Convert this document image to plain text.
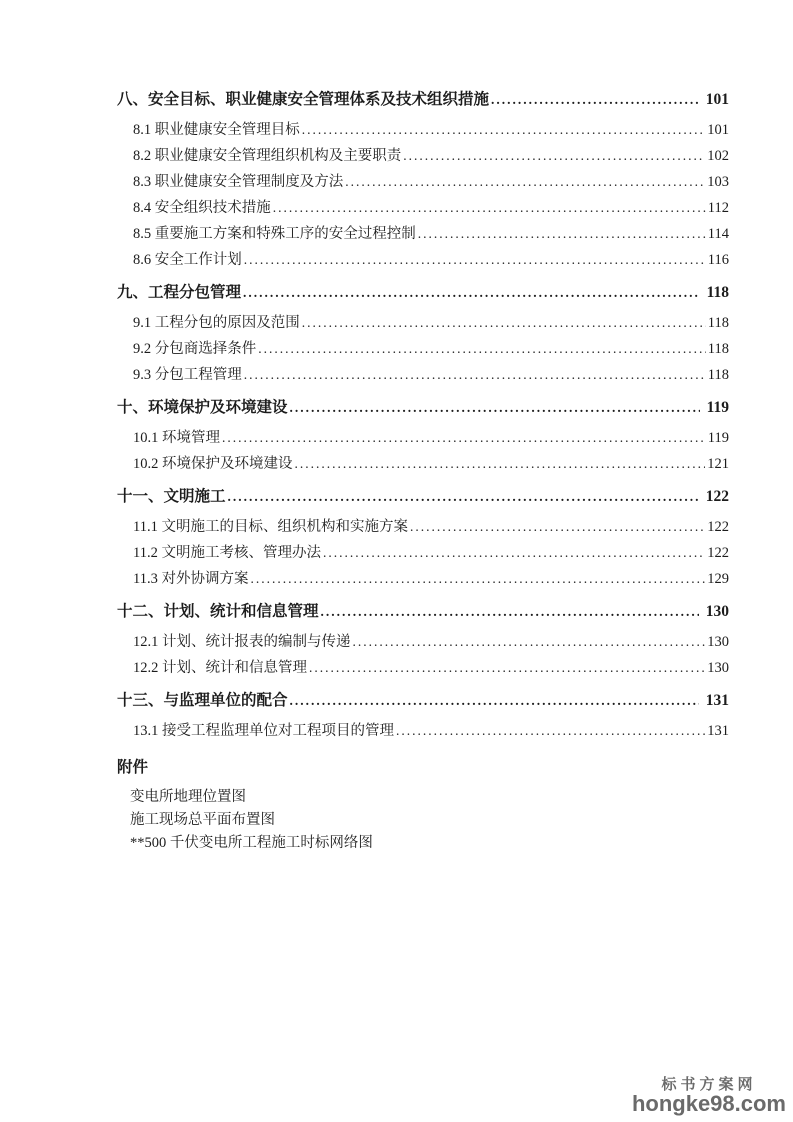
八、安全目标、职业健康安全管理体系及技术组织措施 .....	101
8.1 职业健康安全管理目标 .....	101
8.2 职业健康安全管理组织机构及主要职责 .....	102
8.3 职业健康安全管理制度及方法 .....	103
8.4 安全组织技术措施 .....	112
8.5 重要施工方案和特殊工序的安全过程控制 .....	114
8.6 安全工作计划 .....	116
九、工程分包管理 .....	118
9.1 工程分包的原因及范围 .....	118
9.2 分包商选择条件 .....	118
9.3 分包工程管理 .....	118
十、环境保护及环境建设 .....	119
10.1 环境管理 .....	119
10.2 环境保护及环境建设 .....	121
十一、文明施工 .....	122
11.1 文明施工的目标、组织机构和实施方案 .....	122
11.2 文明施工考核、管理办法 .....	122
11.3 对外协调方案 .....	129
十二、计划、统计和信息管理 .....	130
12.1 计划、统计报表的编制与传递 .....	130
12.2 计划、统计和信息管理 .....	130
十三、与监理单位的配合 .....	131
13.1 接受工程监理单位对工程项目的管理 .....	131
附件
变电所地理位置图
施工现场总平面布置图
**500 千伏变电所工程施工时标网络图
标书方案网
hongke98.com
